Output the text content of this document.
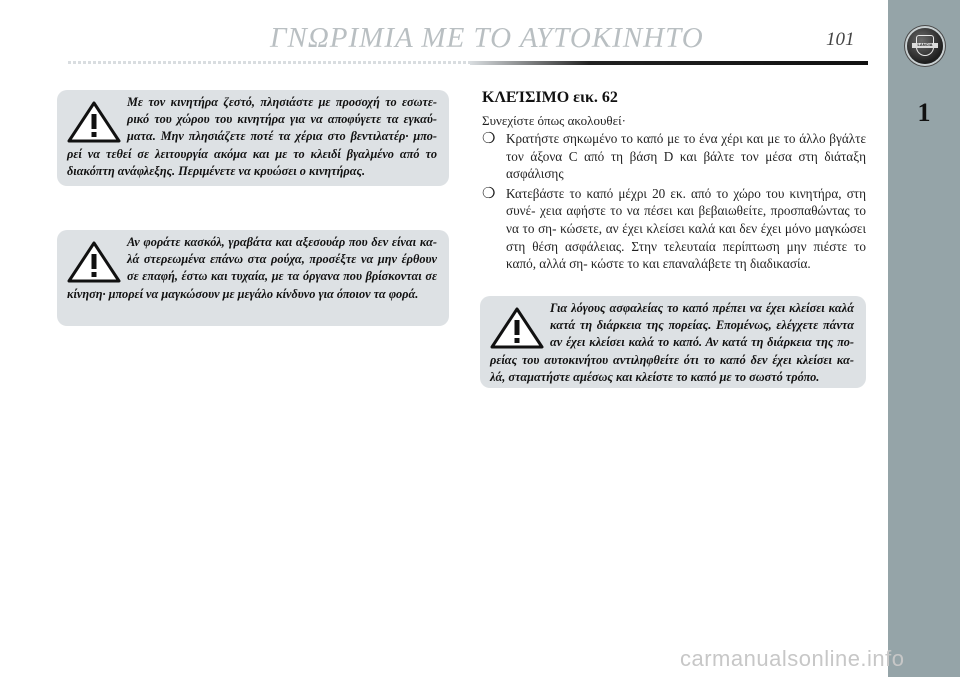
LANCIA
1
ΓΝΩΡΙΜΙΑ ΜΕ ΤΟ ΑΥΤΟΚΙΝΗΤΟ	101
Με τον κινητήρα ζεστό, πλησιάστε με προσοχή το εσωτε- ρικό του χώρου του κινητήρα για να αποφύγετε τα εγκαύ- ματα. Μην πλησιάζετε ποτέ τα χέρια στο βεντιλατέρ· μπο- ρεί να τεθεί σε λειτουργία ακόμα και με το κλειδί βγαλμένο από το διακόπτη ανάφλεξης. Περιμένετε να κρυώσει ο κινητήρας.
Αν φοράτε κασκόλ, γραβάτα και αξεσουάρ που δεν είναι κα- λά στερεωμένα επάνω στα ρούχα, προσέξτε να μην έρθουν σε επαφή, έστω και τυχαία, με τα όργανα που βρίσκονται σε κίνηση· μπορεί να μαγκώσουν με μεγάλο κίνδυνο για όποιον τα φορά.
ΚΛΕΊΣΙΜΟ εικ. 62
Συνεχίστε όπως ακολουθεί·
❍ Κρατήστε σηκωμένο το καπό με το ένα χέρι και με το άλλο βγάλτε τον άξονα C από τη βάση D και βάλτε τον μέσα στη διάταξη ασφάλισης
❍ Κατεβάστε το καπό μέχρι 20 εκ. από το χώρο του κινητήρα, στη συνέ- χεια αφήστε το να πέσει και βεβαιωθείτε, προσπαθώντας το να το ση- κώσετε, αν έχει κλείσει καλά και δεν έχει μόνο μαγκώσει στη θέση ασφάλειας. Στην τελευταία περίπτωση μην πιέστε το καπό, αλλά ση- κώστε το και επαναλάβετε τη διαδικασία.
Για λόγους ασφαλείας το καπό πρέπει να έχει κλείσει καλά κατά τη διάρκεια της πορείας. Επομένως, ελέγχετε πάντα αν έχει κλείσει καλά το καπό. Αν κατά τη διάρκεια της πο- ρείας του αυτοκινήτου αντιληφθείτε ότι το καπό δεν έχει κλείσει κα- λά, σταματήστε αμέσως και κλείστε το καπό με το σωστό τρόπο.
carmanualsonline.info
